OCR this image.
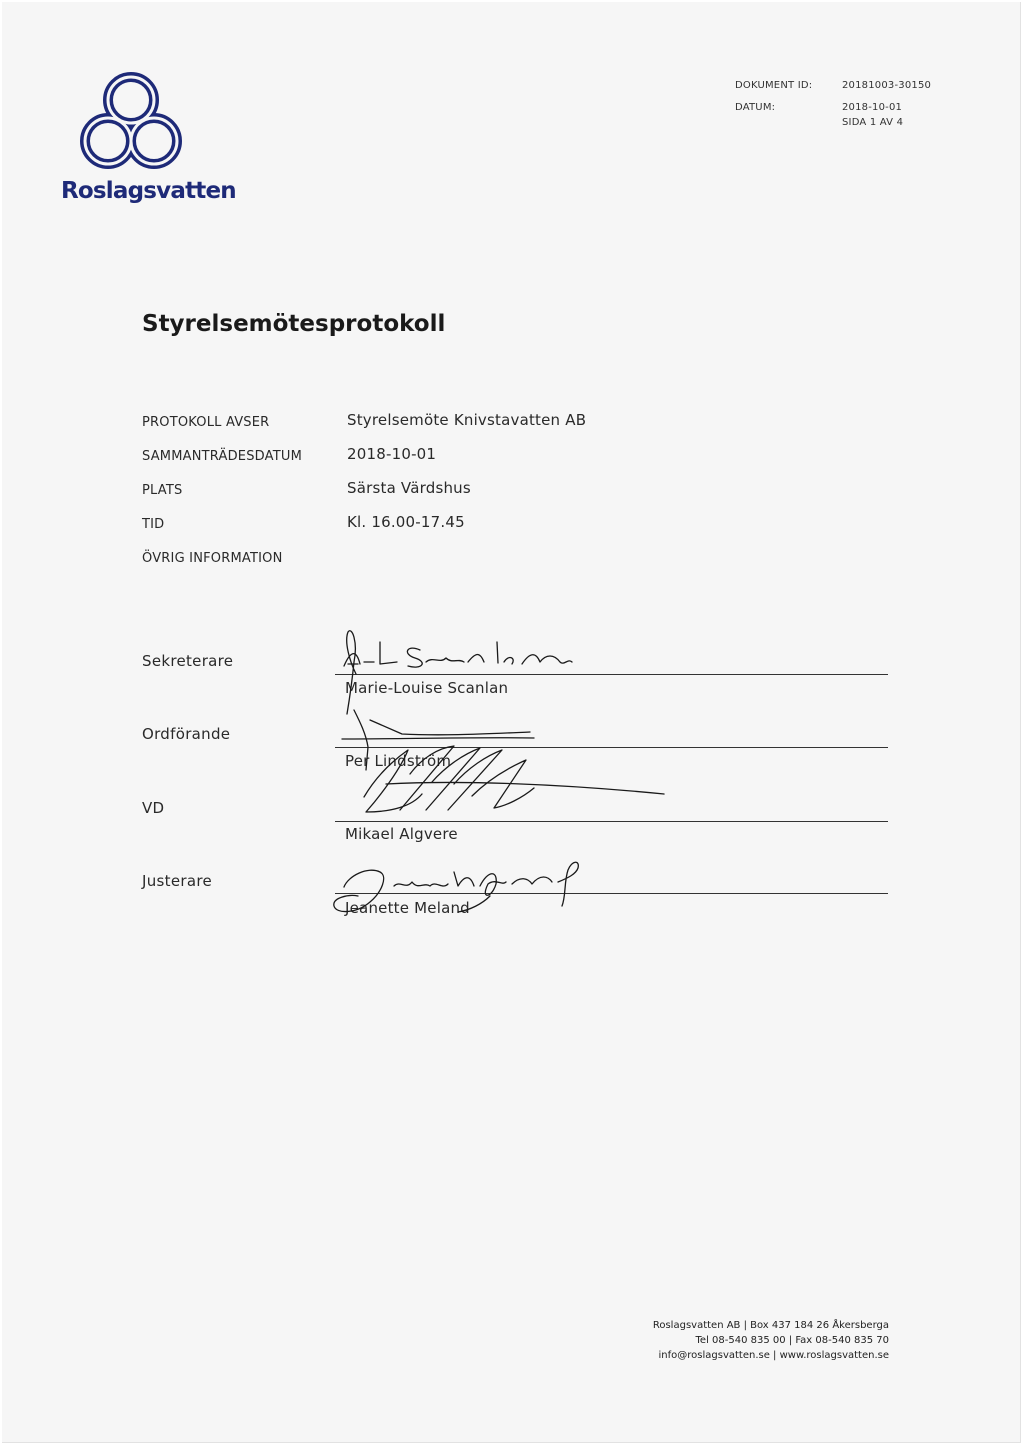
Roslagsvatten
DOKUMENT ID:	20181003-30150
DATUM:	2018-10-01
SIDA 1 AV 4
Styrelsemötesprotokoll
PROTOKOLL AVSER	Styrelsemöte Knivstavatten AB
SAMMANTRÄDESDATUM	2018-10-01
PLATS	Särsta Värdshus
TID	Kl. 16.00-17.45
ÖVRIG INFORMATION
Sekreterare
Marie-Louise Scanlan
Ordförande
Per Lindström
VD
Mikael Algvere
Justerare
Jeanette Meland
Roslagsvatten AB | Box 437 184 26 Åkersberga
Tel 08-540 835 00 | Fax 08-540 835 70
info@roslagsvatten.se | www.roslagsvatten.se
